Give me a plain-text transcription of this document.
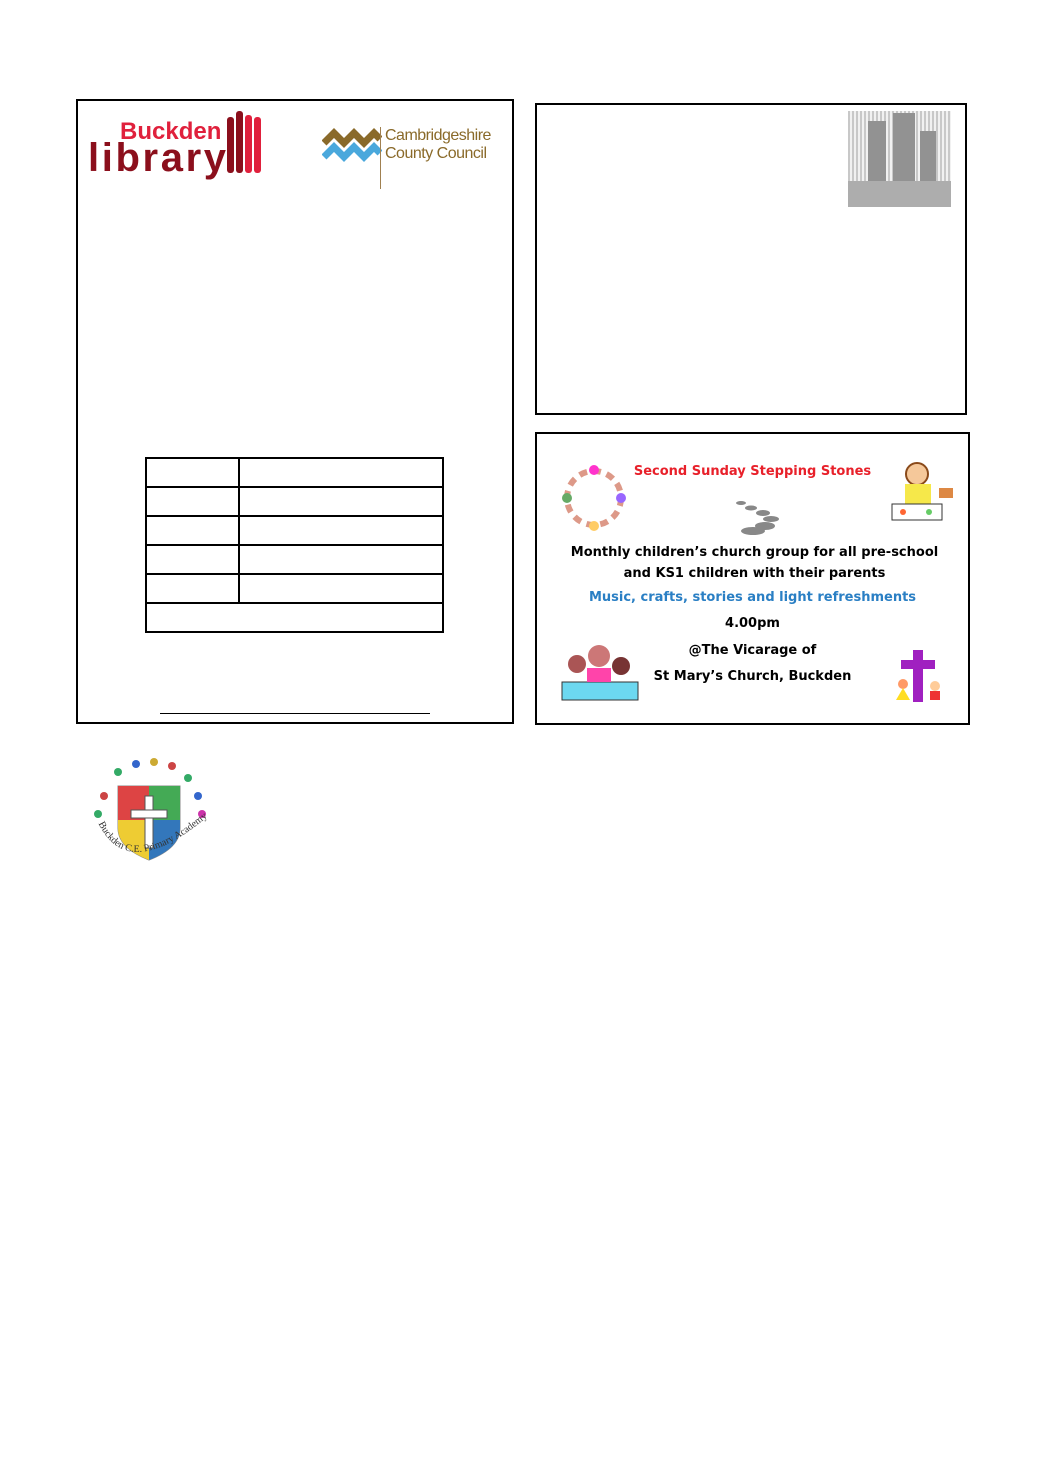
Buckden
library
Cambridgeshire
County Council

Second Sunday Stepping Stones
Monthly children’s church group for all pre-school and KS1 children with their parents
Music, crafts, stories and light refreshments
4.00pm
@The Vicarage of
St Mary’s Church, Buckden
Buckden C.E. Primary Academy
